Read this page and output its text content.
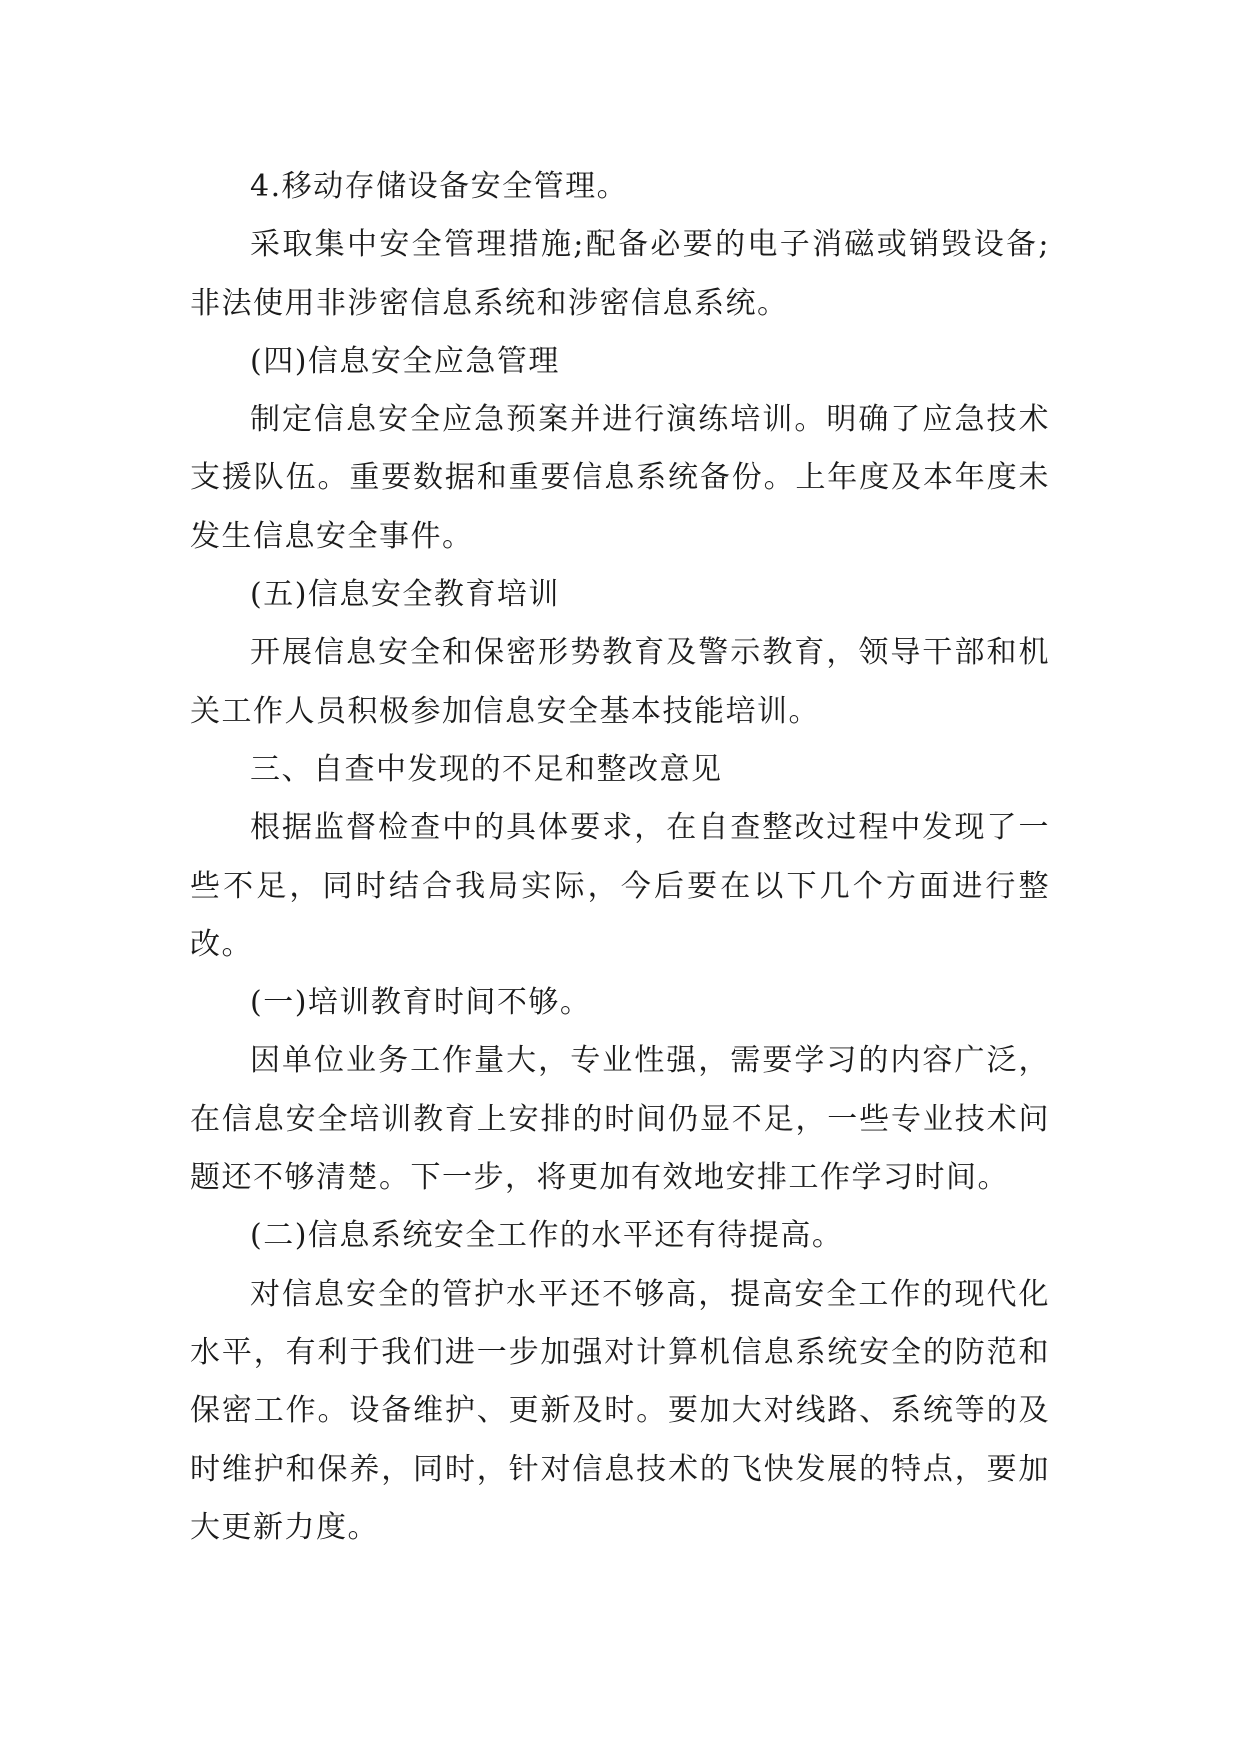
4.移动存储设备安全管理。

采取集中安全管理措施;配备必要的电子消磁或销毁设备;非法使用非涉密信息系统和涉密信息系统。

(四)信息安全应急管理

制定信息安全应急预案并进行演练培训。明确了应急技术支援队伍。重要数据和重要信息系统备份。上年度及本年度未发生信息安全事件。

(五)信息安全教育培训

开展信息安全和保密形势教育及警示教育，领导干部和机关工作人员积极参加信息安全基本技能培训。

三、自查中发现的不足和整改意见

根据监督检查中的具体要求，在自查整改过程中发现了一些不足，同时结合我局实际，今后要在以下几个方面进行整改。

(一)培训教育时间不够。

因单位业务工作量大，专业性强，需要学习的内容广泛，在信息安全培训教育上安排的时间仍显不足，一些专业技术问题还不够清楚。下一步，将更加有效地安排工作学习时间。

(二)信息系统安全工作的水平还有待提高。

对信息安全的管护水平还不够高，提高安全工作的现代化水平，有利于我们进一步加强对计算机信息系统安全的防范和保密工作。设备维护、更新及时。要加大对线路、系统等的及时维护和保养，同时，针对信息技术的飞快发展的特点，要加大更新力度。
